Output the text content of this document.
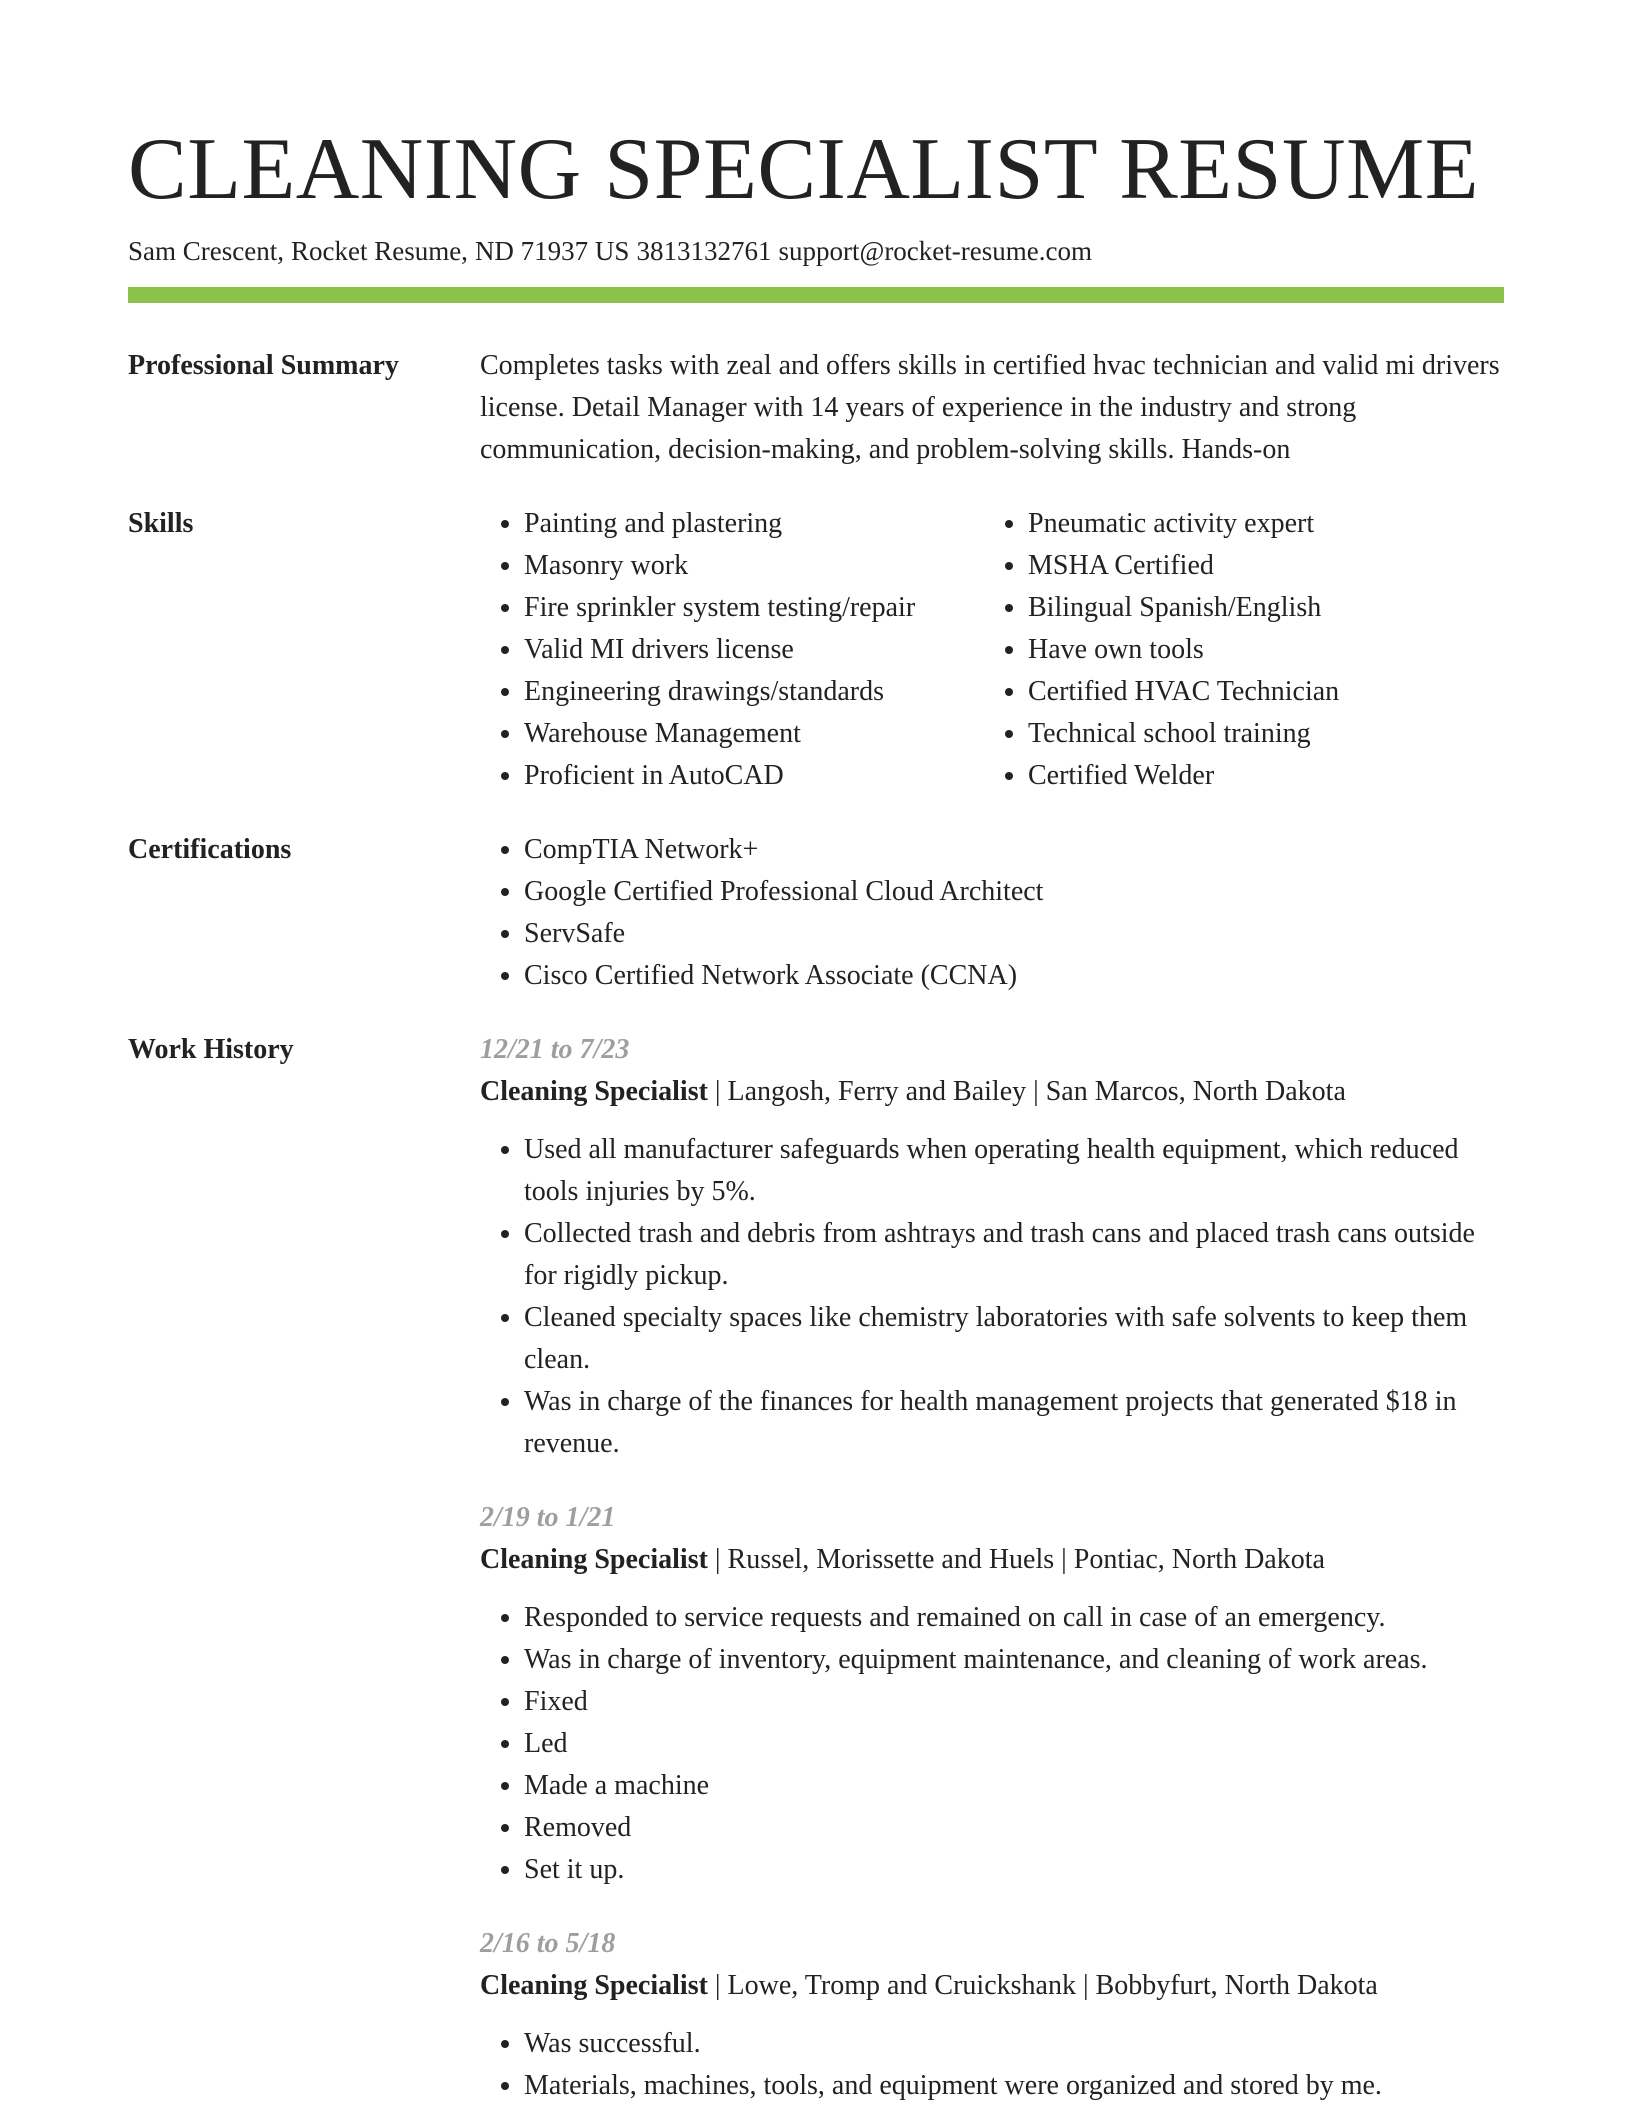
CLEANING SPECIALIST RESUME
Sam Crescent, Rocket Resume, ND 71937 US 3813132761 support@rocket-resume.com
Professional Summary	Completes tasks with zeal and offers skills in certified hvac technician and valid mi drivers license. Detail Manager with 14 years of experience in the industry and strong communication, decision-making, and problem-solving skills. Hands-on
Skills	• Painting and plastering
• Masonry work
• Fire sprinkler system testing/repair
• Valid MI drivers license
• Engineering drawings/standards
• Warehouse Management
• Proficient in AutoCAD
• Pneumatic activity expert
• MSHA Certified
• Bilingual Spanish/English
• Have own tools
• Certified HVAC Technician
• Technical school training
• Certified Welder
Certifications	• CompTIA Network+
• Google Certified Professional Cloud Architect
• ServSafe
• Cisco Certified Network Associate (CCNA)
Work History	12/21 to 7/23
Cleaning Specialist | Langosh, Ferry and Bailey | San Marcos, North Dakota
• Used all manufacturer safeguards when operating health equipment, which reduced tools injuries by 5%.
• Collected trash and debris from ashtrays and trash cans and placed trash cans outside for rigidly pickup.
• Cleaned specialty spaces like chemistry laboratories with safe solvents to keep them clean.
• Was in charge of the finances for health management projects that generated $18 in revenue.
2/19 to 1/21
Cleaning Specialist | Russel, Morissette and Huels | Pontiac, North Dakota
• Responded to service requests and remained on call in case of an emergency.
• Was in charge of inventory, equipment maintenance, and cleaning of work areas.
• Fixed
• Led
• Made a machine
• Removed
• Set it up.
2/16 to 5/18
Cleaning Specialist | Lowe, Tromp and Cruickshank | Bobbyfurt, North Dakota
• Was successful.
• Materials, machines, tools, and equipment were organized and stored by me.
